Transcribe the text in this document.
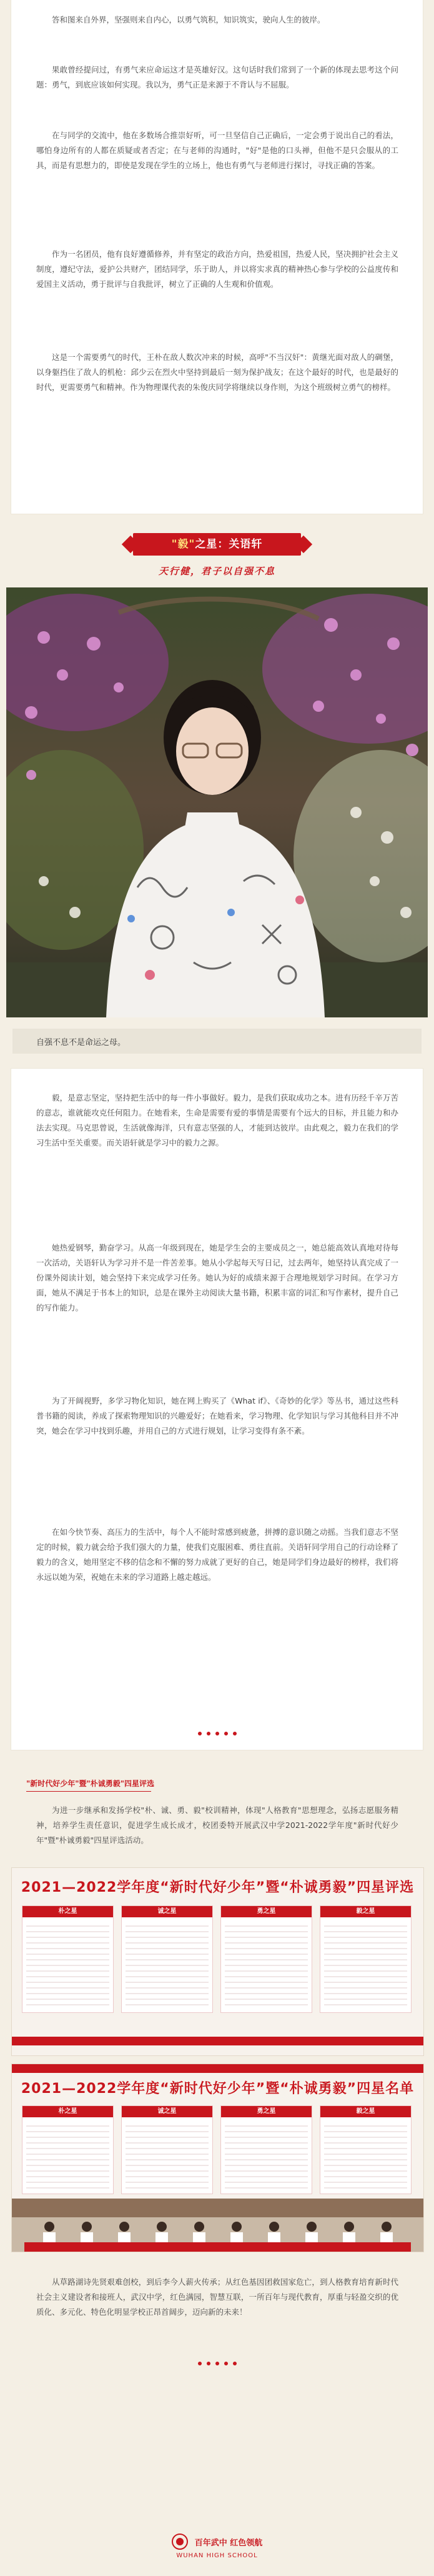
答和图来自外界，坚强则来自内心，以勇气筑积，知识筑实，驶向人生的彼岸。

果敢曾经提问过，有勇气来应命运这才是英雄好汉。这句话时我们常到了一个新的体现去思考这个问题：勇气，到底应该如何实现。我以为，勇气正是来源于不背认与不屈服。

在与同学的交流中，他在多数场合推崇好听，可一旦坚信自己正确后，一定会勇于说出自己的看法，哪怕身边所有的人都在质疑或者否定；在与老师的沟通时，"好"是他的口头禅，但他不是只会服从的工具，而是有思想力的，即使是发现在学生的立场上，他也有勇气与老师进行探讨，寻找正确的答案。

作为一名团员，他有良好遵循修养，并有坚定的政治方向，热爱祖国，热爱人民，坚决拥护社会主义制度，遵纪守法，爱护公共财产，团结同学，乐于助人，并以将实求真的精神热心参与学校的公益度传和爱国主义活动，勇于批评与自我批评，树立了正确的人生观和价值观。

这是一个需要勇气的时代，王朴在敌人数次冲来的时候，高呼"不当汉奸"：黄继光面对敌人的碉堡，以身躯挡住了敌人的机枪：邱少云在烈火中坚持到最后一刻为保护战友；在这个最好的时代，也是最好的时代，更需要勇气和精神。作为物理课代表的朱俊庆同学将继续以身作则，为这个班级树立勇气的榜样。

"毅"之星：关语轩
天行健，君子以自强不息
自强不息不是命运之母。

毅，是意志坚定，坚持把生活中的每一件小事做好。毅力，是我们获取成功之本。进有历经千辛万苦的意志，谁就能攻克任何阻力。在她看来，生命是需要有爱的事情是需要有个远大的目标，并且能力和办法去实现。马克思曾说，生活就像海洋，只有意志坚强的人，才能到达彼岸。由此观之，毅力在我们的学习生活中至关重要。而关语轩就是学习中的毅力之源。

她热爱钢琴，勤奋学习。从高一年级到现在，她是学生会的主要成员之一，她总能高效认真地对待每一次活动，关语轩认为学习并不是一件苦差事。她从小学起每天写日记，过去两年，她坚持认真完成了一份课外阅读计划，她会坚持下来完成学习任务。她认为好的成绩来源于合理地规划学习时间。在学习方面，她从不满足于书本上的知识，总是在课外主动阅读大量书籍，积累丰富的词汇和写作素材，提升自己的写作能力。

为了开阔视野，多学习物化知识，她在网上购买了《What if》、《奇妙的化学》等丛书，通过这些科普书籍的阅读，养成了探索物理知识的兴趣爱好；在她看来，学习物理、化学知识与学习其他科目并不冲突，她会在学习中找到乐趣，并用自己的方式进行规划，让学习变得有条不紊。

在如今快节奏、高压力的生活中，每个人不能时常感到疲惫，拼搏的意识随之动摇。当我们意志不坚定的时候，毅力就会给予我们强大的力量，使我们克服困难、勇往直前。关语轩同学用自己的行动诠释了毅力的含义，她用坚定不移的信念和不懈的努力成就了更好的自己，她是同学们身边最好的榜样，我们将永远以她为荣，祝她在未来的学习道路上越走越远。

"新时代好少年"暨"朴诚勇毅"四星评选

为进一步继承和发扬学校"朴、诚、勇、毅"校训精神，体现"人格教育"思想理念，弘扬志愿服务精神，培养学生责任意识，促进学生成长成才，校团委特开展武汉中学2021-2022学年度"新时代好少年"暨"朴诚勇毅"四星评选活动。

2021—2022学年度“新时代好少年”暨“朴诚勇毅”四星评选
朴之星	诚之星	勇之星	毅之星
2021—2022学年度“新时代好少年”暨“朴诚勇毅”四星名单
朴之星	诚之星	勇之星	毅之星

从草路湖诗先贤艰难创校，到后李今人薪火传承；从红色基因团救国家危亡，到人格教育培育新时代社会主义建设者和接班人，武汉中学，红色满园，智慧互联，一所百年与现代教育，厚重与轻盈交织的优质化、多元化、特色化明显学校正昂首阔步，迈向新的未来！

百年武中 红色领航
WUHAN HIGH SCHOOL
